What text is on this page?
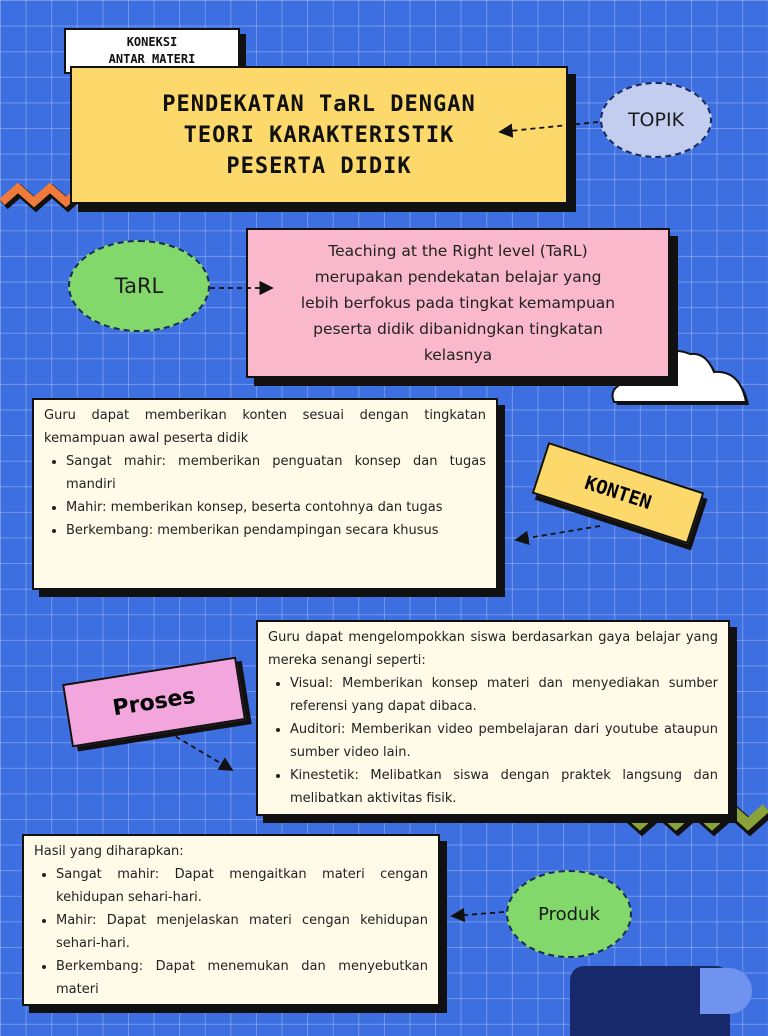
KONEKSI
ANTAR MATERI
PENDEKATAN TaRL DENGAN
TEORI KARAKTERISTIK
PESERTA DIDIK
TOPIK
TaRL
Teaching at the Right level (TaRL)
merupakan pendekatan belajar yang
lebih berfokus pada tingkat kemampuan
peserta didik dibanidngkan tingkatan
kelasnya

Guru dapat memberikan konten sesuai dengan tingkatan kemampuan awal peserta didik

• Sangat mahir: memberikan penguatan konsep dan tugas mandiri
• Mahir: memberikan konsep, beserta contohnya dan tugas
• Berkembang: memberikan pendampingan secara khusus
KONTEN

Guru dapat mengelompokkan siswa berdasarkan gaya belajar yang mereka senangi seperti:

• Visual: Memberikan konsep materi dan menyediakan sumber referensi yang dapat dibaca.
• Auditori: Memberikan video pembelajaran dari youtube ataupun sumber video lain.
• Kinestetik: Melibatkan siswa dengan praktek langsung dan melibatkan aktivitas fisik.
Proses

Hasil yang diharapkan:

• Sangat mahir: Dapat mengaitkan materi cengan kehidupan sehari-hari.
• Mahir: Dapat menjelaskan materi cengan kehidupan sehari-hari.
• Berkembang: Dapat menemukan dan menyebutkan materi
Produk
